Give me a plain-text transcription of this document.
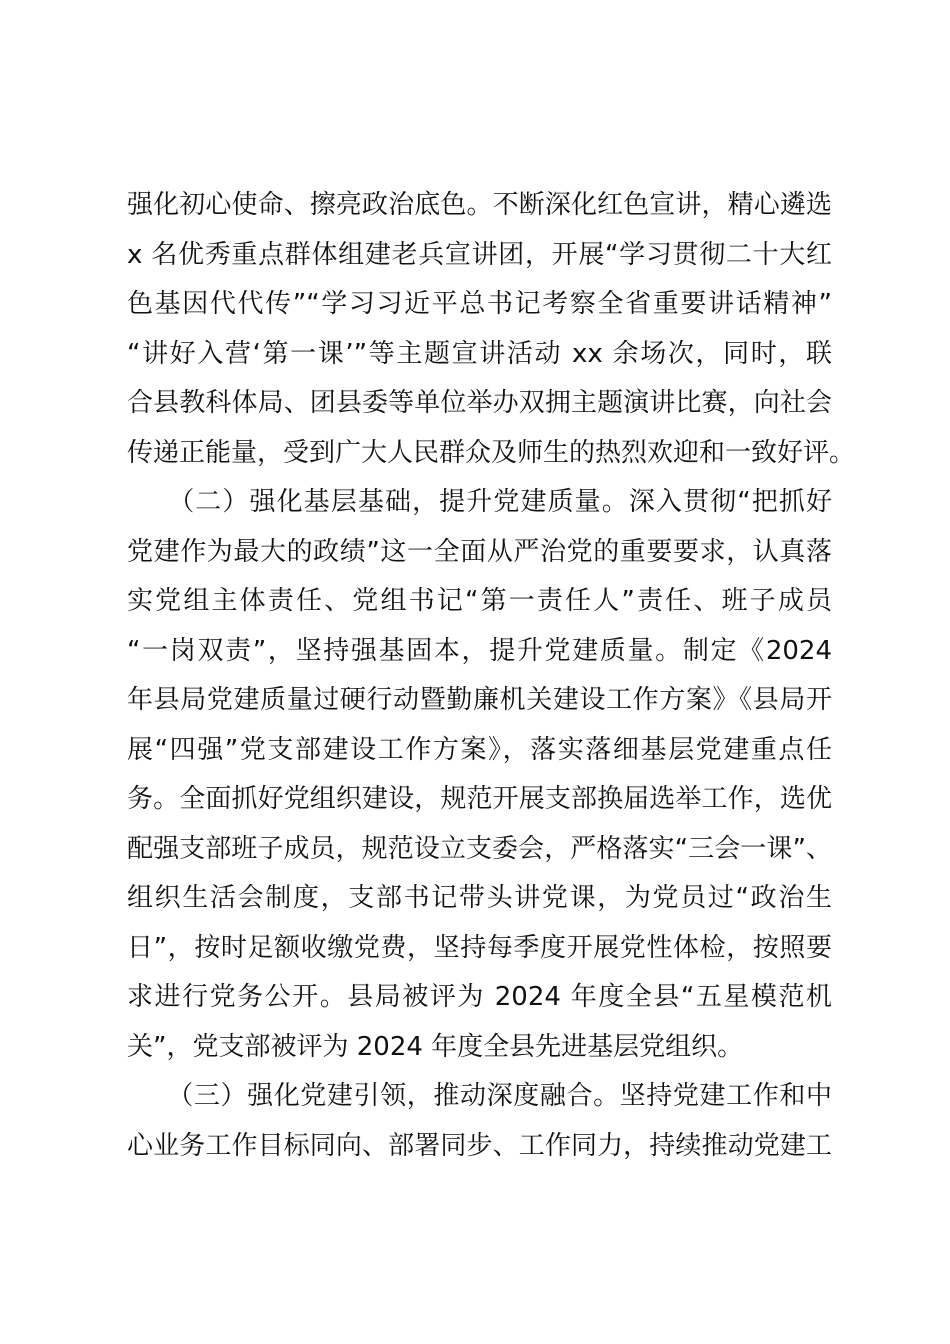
强化初心使命、擦亮政治底色。不断深化红色宣讲，精心遴选
x 名优秀重点群体组建老兵宣讲团，开展“学习贯彻二十大红
色基因代代传”“学习习近平总书记考察全省重要讲话精神”
“讲好入营‘第一课’”等主题宣讲活动 xx 余场次，同时，联
合县教科体局、团县委等单位举办双拥主题演讲比赛，向社会
传递正能量，受到广大人民群众及师生的热烈欢迎和一致好评。
　　（二）强化基层基础，提升党建质量。深入贯彻“把抓好
党建作为最大的政绩”这一全面从严治党的重要要求，认真落
实党组主体责任、党组书记“第一责任人”责任、班子成员
“一岗双责”，坚持强基固本，提升党建质量。制定《2024
年县局党建质量过硬行动暨勤廉机关建设工作方案》《县局开
展“四强”党支部建设工作方案》，落实落细基层党建重点任
务。全面抓好党组织建设，规范开展支部换届选举工作，选优
配强支部班子成员，规范设立支委会，严格落实“三会一课”、
组织生活会制度，支部书记带头讲党课，为党员过“政治生
日”，按时足额收缴党费，坚持每季度开展党性体检，按照要
求进行党务公开。县局被评为 2024 年度全县“五星模范机
关”，党支部被评为 2024 年度全县先进基层党组织。
　　（三）强化党建引领，推动深度融合。坚持党建工作和中
心业务工作目标同向、部署同步、工作同力，持续推动党建工
